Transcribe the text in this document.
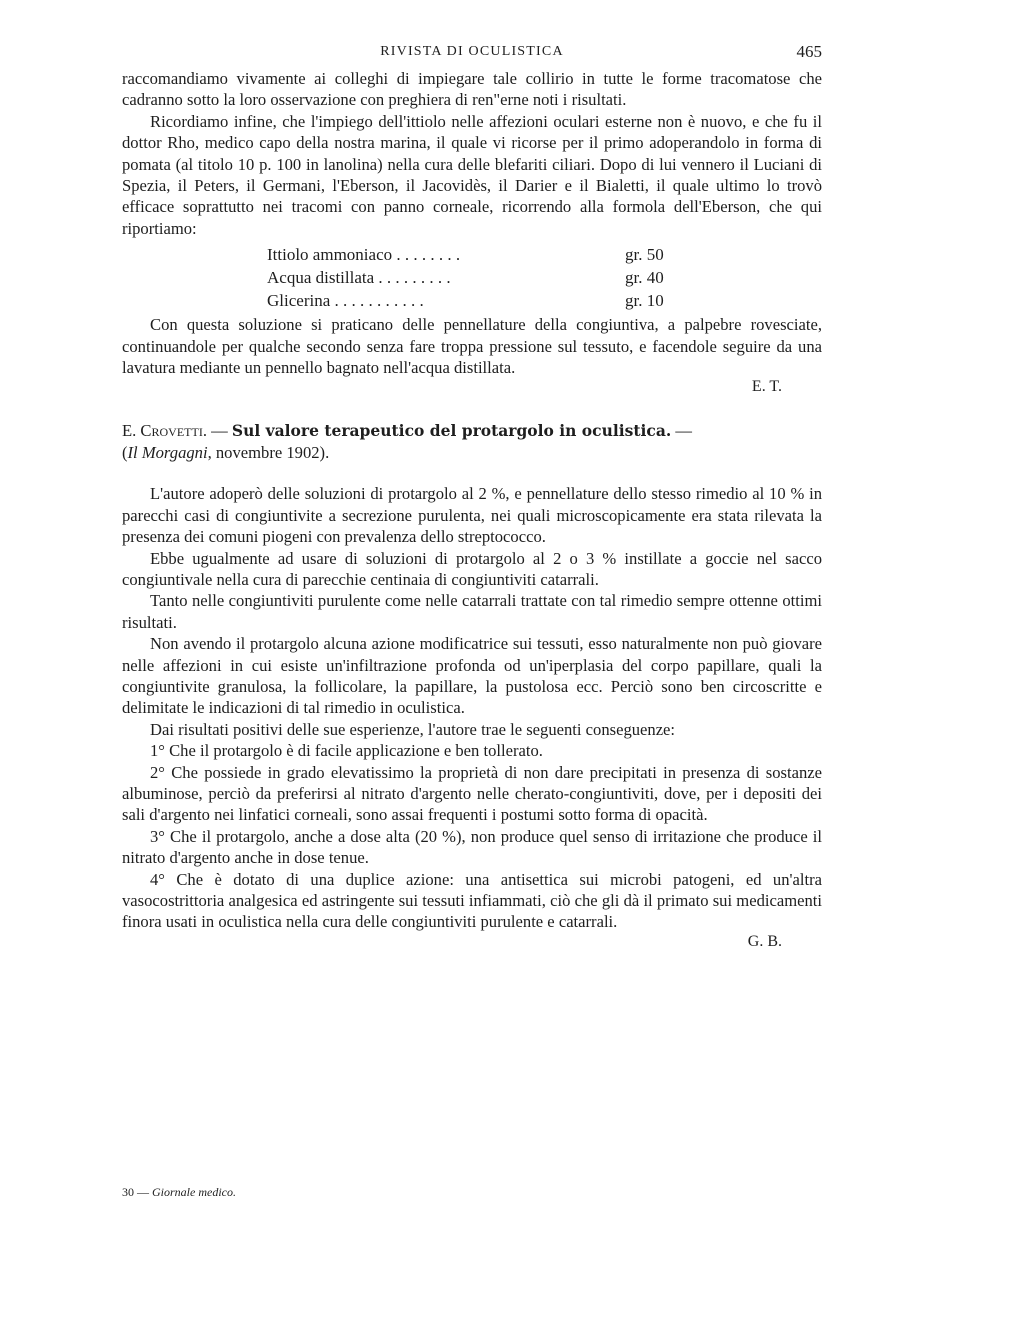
RIVISTA DI OCULISTICA	465

raccomandiamo vivamente ai colleghi di impiegare tale collirio in tutte le forme tracomatose che cadranno sotto la loro osservazione con preghiera di ren"erne noti i risultati.

Ricordiamo infine, che l'impiego dell'ittiolo nelle affezioni oculari esterne non è nuovo, e che fu il dottor Rho, medico capo della nostra marina, il quale vi ricorse per il primo adoperandolo in forma di pomata (al titolo 10 p. 100 in lanolina) nella cura delle blefariti ciliari. Dopo di lui vennero il Luciani di Spezia, il Peters, il Germani, l'Eberson, il Jacovidès, il Darier e il Bialetti, il quale ultimo lo trovò efficace soprattutto nei tracomi con panno corneale, ricorrendo alla formola dell'Eberson, che qui riportiamo:

Ittiolo ammoniaco . . . . . . . .	gr. 50
Acqua distillata . . . . . . . . .	gr. 40
Glicerina . . . . . . . . . . .	gr. 10

Con questa soluzione si praticano delle pennellature della congiuntiva, a palpebre rovesciate, continuandole per qualche secondo senza fare troppa pressione sul tessuto, e facendole seguire da una lavatura mediante un pennello bagnato nell'acqua distillata.

E. T.

E. Crovetti. — Sul valore terapeutico del protargolo in oculistica. —
(Il Morgagni, novembre 1902).

L'autore adoperò delle soluzioni di protargolo al 2 %, e pennellature dello stesso rimedio al 10 % in parecchi casi di congiuntivite a secrezione purulenta, nei quali microscopicamente era stata rilevata la presenza dei comuni piogeni con prevalenza dello streptococco.

Ebbe ugualmente ad usare di soluzioni di protargolo al 2 o 3 % instillate a goccie nel sacco congiuntivale nella cura di parecchie centinaia di congiuntiviti catarrali.

Tanto nelle congiuntiviti purulente come nelle catarrali trattate con tal rimedio sempre ottenne ottimi risultati.

Non avendo il protargolo alcuna azione modificatrice sui tessuti, esso naturalmente non può giovare nelle affezioni in cui esiste un'infiltrazione profonda od un'iperplasia del corpo papillare, quali la congiuntivite granulosa, la follicolare, la papillare, la pustolosa ecc. Perciò sono ben circoscritte e delimitate le indicazioni di tal rimedio in oculistica.

Dai risultati positivi delle sue esperienze, l'autore trae le seguenti conseguenze:

1° Che il protargolo è di facile applicazione e ben tollerato.

2° Che possiede in grado elevatissimo la proprietà di non dare precipitati in presenza di sostanze albuminose, perciò da preferirsi al nitrato d'argento nelle cherato-congiuntiviti, dove, per i depositi dei sali d'argento nei linfatici corneali, sono assai frequenti i postumi sotto forma di opacità.

3° Che il protargolo, anche a dose alta (20 %), non produce quel senso di irritazione che produce il nitrato d'argento anche in dose tenue.

4° Che è dotato di una duplice azione: una antisettica sui microbi patogeni, ed un'altra vasocostrittoria analgesica ed astringente sui tessuti infiammati, ciò che gli dà il primato sui medicamenti finora usati in oculistica nella cura delle congiuntiviti purulente e catarrali.

G. B.
30 — Giornale medico.
